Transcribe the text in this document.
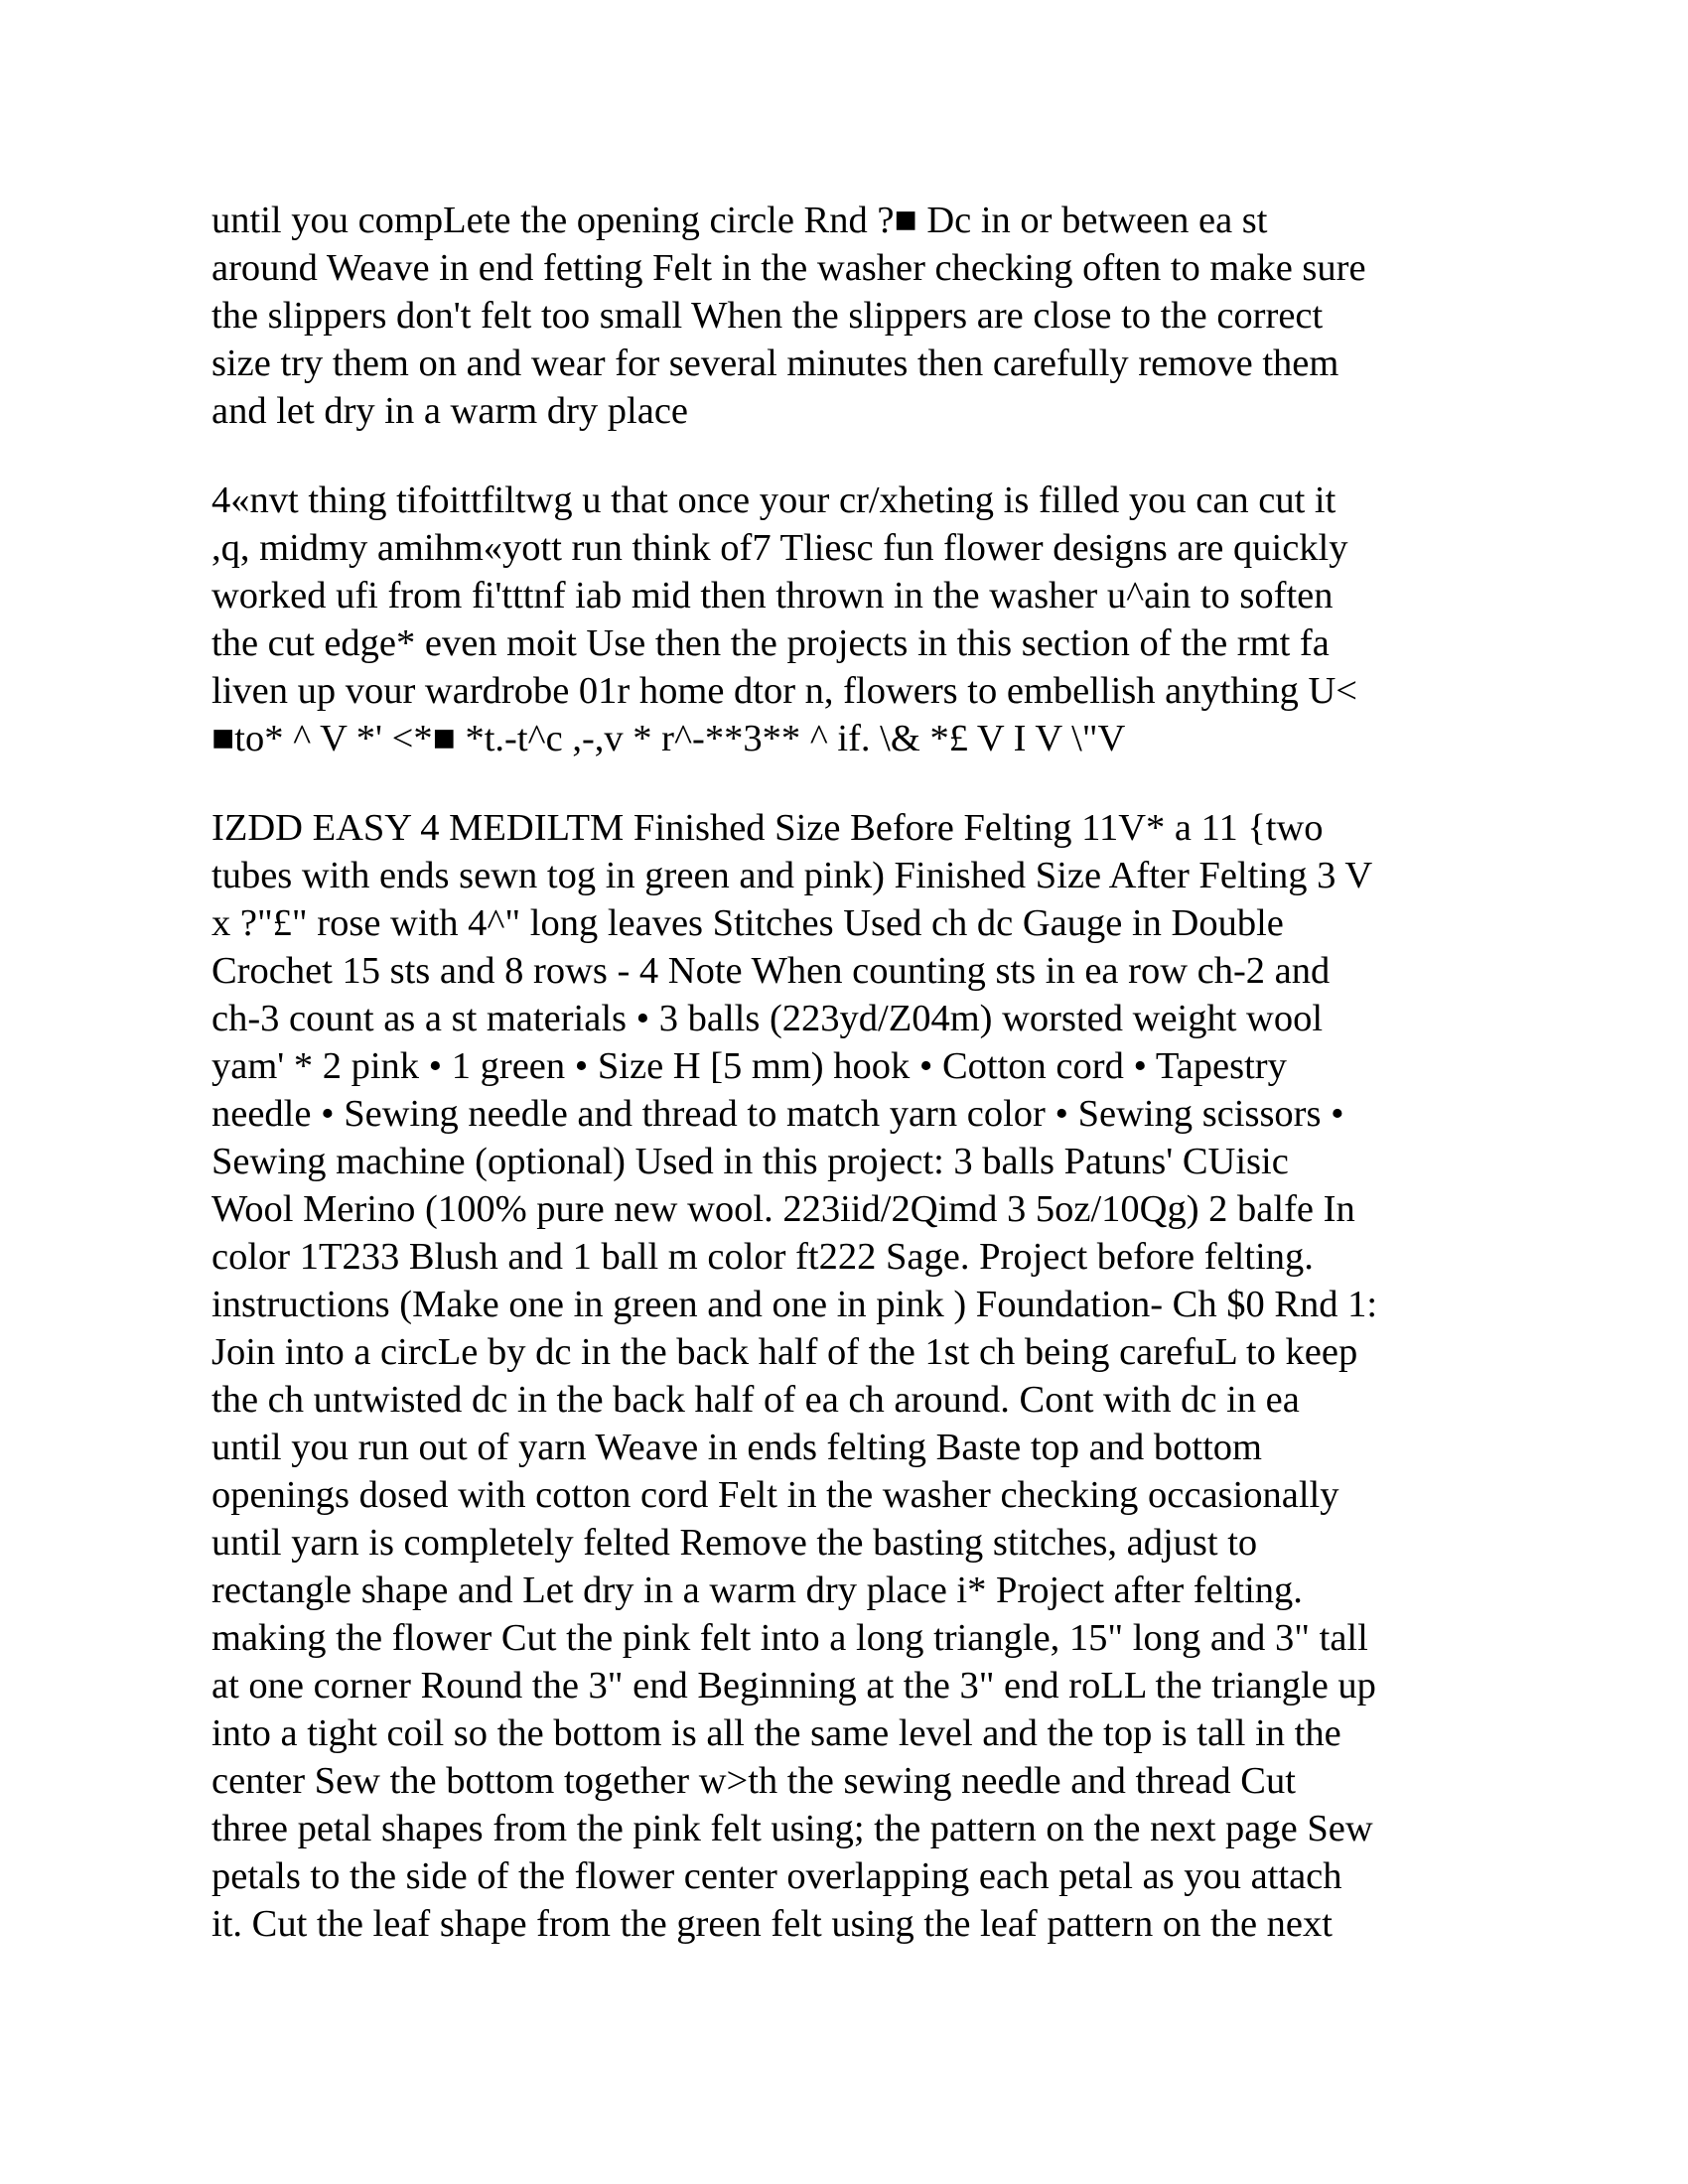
until you compLete the opening circle Rnd ?■ Dc in or between ea st
around Weave in end fetting Felt in the washer checking often to make sure
the slippers don't felt too small When the slippers are close to the correct
size try them on and wear for several minutes then carefully remove them
and let dry in a warm dry place

4«nvt thing tifoittfiltwg u that once your cr/xheting is filled you can cut it
,q, midmy amihm«yott run think of7 Tliesc fun flower designs are quickly
worked ufi from fi'tttnf iab mid then thrown in the washer u^ain to soften
the cut edge* even moit Use then the projects in this section of the rmt fa
liven up vour wardrobe 01r home dtor n, flowers to embellish anything U<
■to* ^ V *' <*■ *t.-t^c ,-,v * r^-**3** ^ if. \& *£ V I V \"V

IZDD EASY 4 MEDILTM Finished Size Before Felting 11V* a 11 {two
tubes with ends sewn tog in green and pink) Finished Size After Felting 3 V
x ?"£" rose with 4^" long leaves Stitches Used ch dc Gauge in Double
Crochet 15 sts and 8 rows - 4 Note When counting sts in ea row ch-2 and
ch-3 count as a st materials • 3 balls (223yd/Z04m) worsted weight wool
yam' * 2 pink • 1 green • Size H [5 mm) hook • Cotton cord • Tapestry
needle • Sewing needle and thread to match yarn color • Sewing scissors •
Sewing machine (optional) Used in this project: 3 balls Patuns' CUisic
Wool Merino (100% pure new wool. 223iid/2Qimd 3 5oz/10Qg) 2 balfe In
color 1T233 Blush and 1 ball m color ft222 Sage. Project before felting.
instructions (Make one in green and one in pink ) Foundation- Ch $0 Rnd 1:
Join into a circLe by dc in the back half of the 1st ch being carefuL to keep
the ch untwisted dc in the back half of ea ch around. Cont with dc in ea
until you run out of yarn Weave in ends felting Baste top and bottom
openings dosed with cotton cord Felt in the washer checking occasionally
until yarn is completely felted Remove the basting stitches, adjust to
rectangle shape and Let dry in a warm dry place i* Project after felting.
making the flower Cut the pink felt into a long triangle, 15" long and 3" tall
at one corner Round the 3" end Beginning at the 3" end roLL the triangle up
into a tight coil so the bottom is all the same level and the top is tall in the
center Sew the bottom together w>th the sewing needle and thread Cut
three petal shapes from the pink felt using; the pattern on the next page Sew
petals to the side of the flower center overlapping each petal as you attach
it. Cut the leaf shape from the green felt using the leaf pattern on the next
